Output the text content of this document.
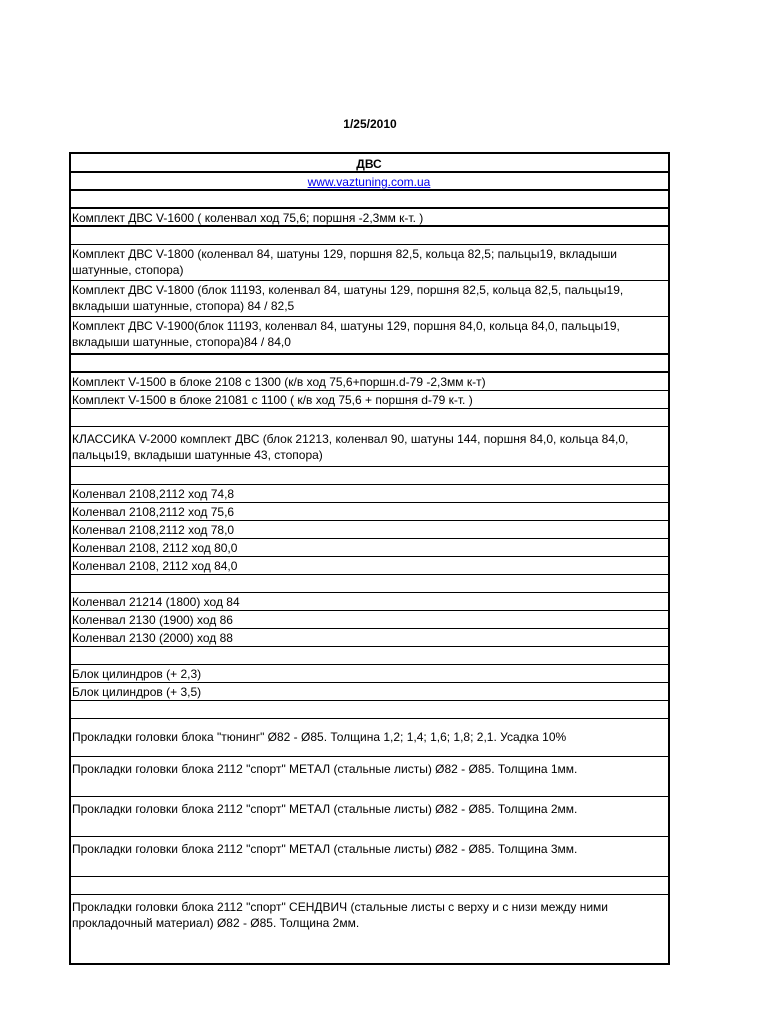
1/25/2010
ДВС
www.vaztuning.com.ua
Комплект ДВС V-1600 ( коленвал ход 75,6; поршня -2,3мм к-т. )
Комплект ДВС V-1800 (коленвал 84, шатуны 129, поршня 82,5, кольца 82,5; пальцы19, вкладыши шатунные, стопора)
Комплект ДВС V-1800 (блок 11193, коленвал 84, шатуны 129, поршня 82,5, кольца 82,5, пальцы19, вкладыши шатунные, стопора) 84 / 82,5
Комплект ДВС V-1900(блок 11193, коленвал 84, шатуны 129, поршня 84,0, кольца 84,0, пальцы19, вкладыши шатунные, стопора)84 / 84,0
Комплект V-1500 в блоке 2108 с 1300 (к/в ход 75,6+поршн.d-79 -2,3мм к-т)
Комплект V-1500 в блоке 21081 с 1100 ( к/в ход 75,6 + поршня d-79 к-т. )
КЛАССИКА V-2000 комплект ДВС (блок 21213, коленвал 90, шатуны 144, поршня 84,0, кольца 84,0, пальцы19, вкладыши шатунные 43, стопора)
Коленвал 2108,2112 ход 74,8
Коленвал 2108,2112 ход 75,6
Коленвал 2108,2112 ход 78,0
Коленвал 2108, 2112 ход 80,0
Коленвал 2108, 2112 ход 84,0
Коленвал 21214 (1800) ход 84
Коленвал 2130 (1900) ход 86
Коленвал 2130 (2000) ход 88
Блок цилиндров (+ 2,3)
Блок цилиндров (+ 3,5)
Прокладки головки блока "тюнинг" Ø82 - Ø85. Толщина 1,2; 1,4; 1,6; 1,8; 2,1. Усадка 10%
Прокладки головки блока 2112 "спорт" МЕТАЛ (стальные листы) Ø82 - Ø85. Толщина 1мм.
Прокладки головки блока 2112 "спорт" МЕТАЛ (стальные листы) Ø82 - Ø85. Толщина 2мм.
Прокладки головки блока 2112 "спорт" МЕТАЛ (стальные листы) Ø82 - Ø85. Толщина 3мм.
Прокладки головки блока 2112 "спорт" СЕНДВИЧ (стальные листы с верху и с низи между ними прокладочный материал) Ø82 - Ø85. Толщина 2мм.
